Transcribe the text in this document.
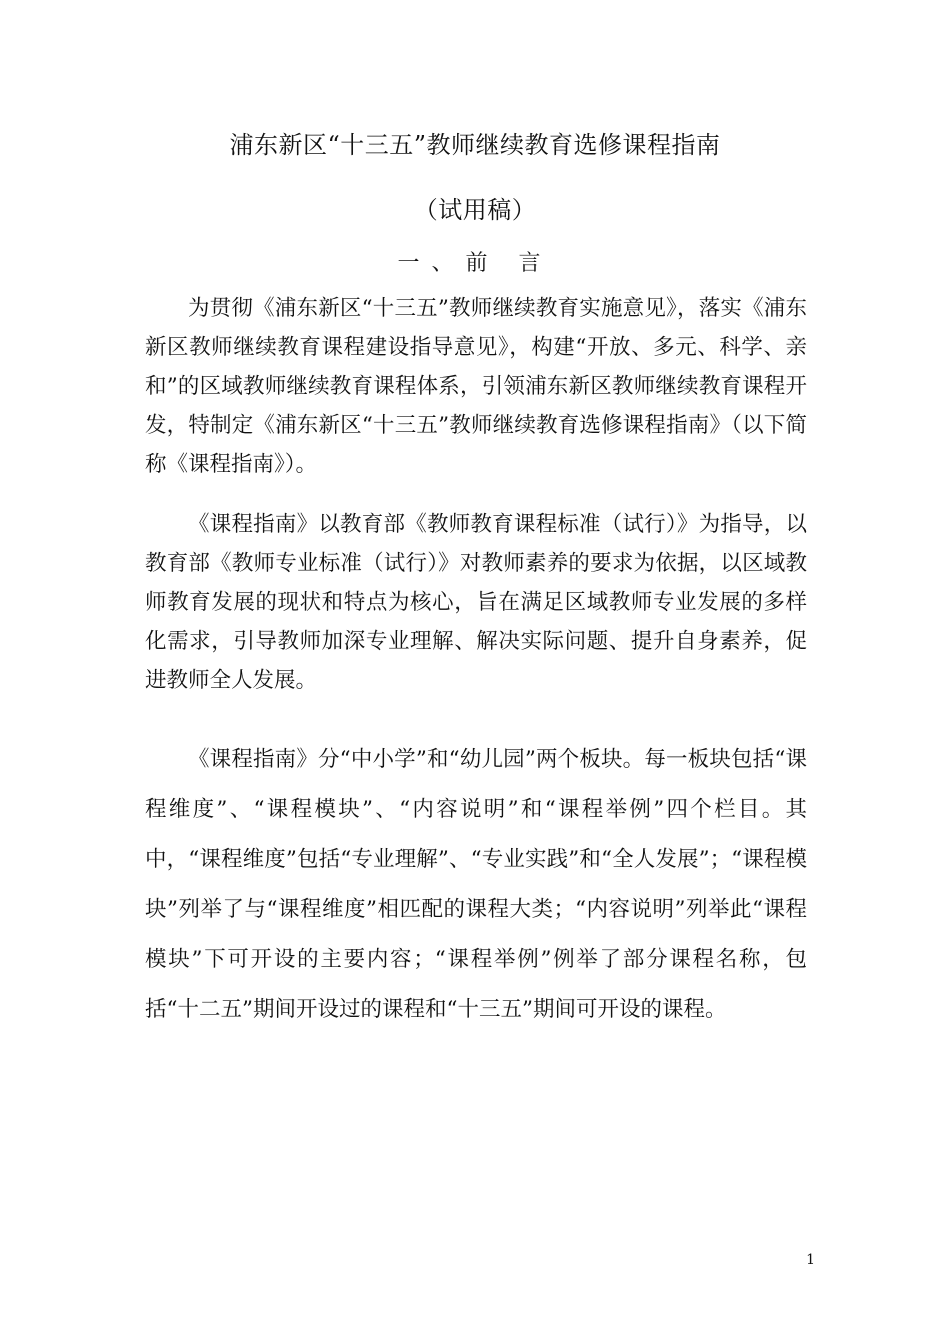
浦东新区“十三五”教师继续教育选修课程指南
（试用稿）
一、前 言

为贯彻《浦东新区“十三五”教师继续教育实施意见》，落实《浦东新区教师继续教育课程建设指导意见》，构建“开放、多元、科学、亲和”的区域教师继续教育课程体系，引领浦东新区教师继续教育课程开发，特制定《浦东新区“十三五”教师继续教育选修课程指南》（以下简称《课程指南》）。

《课程指南》以教育部《教师教育课程标准（试行）》为指导，以教育部《教师专业标准（试行）》对教师素养的要求为依据，以区域教师教育发展的现状和特点为核心，旨在满足区域教师专业发展的多样化需求，引导教师加深专业理解、解决实际问题、提升自身素养，促进教师全人发展。

《课程指南》分“中小学”和“幼儿园”两个板块。每一板块包括“课程维度”、“课程模块”、“内容说明”和“课程举例”四个栏目。其中，“课程维度”包括“专业理解”、“专业实践”和“全人发展”；“课程模块”列举了与“课程维度”相匹配的课程大类；“内容说明”列举此“课程模块”下可开设的主要内容；“课程举例”例举了部分课程名称，包括“十二五”期间开设过的课程和“十三五”期间可开设的课程。

1
